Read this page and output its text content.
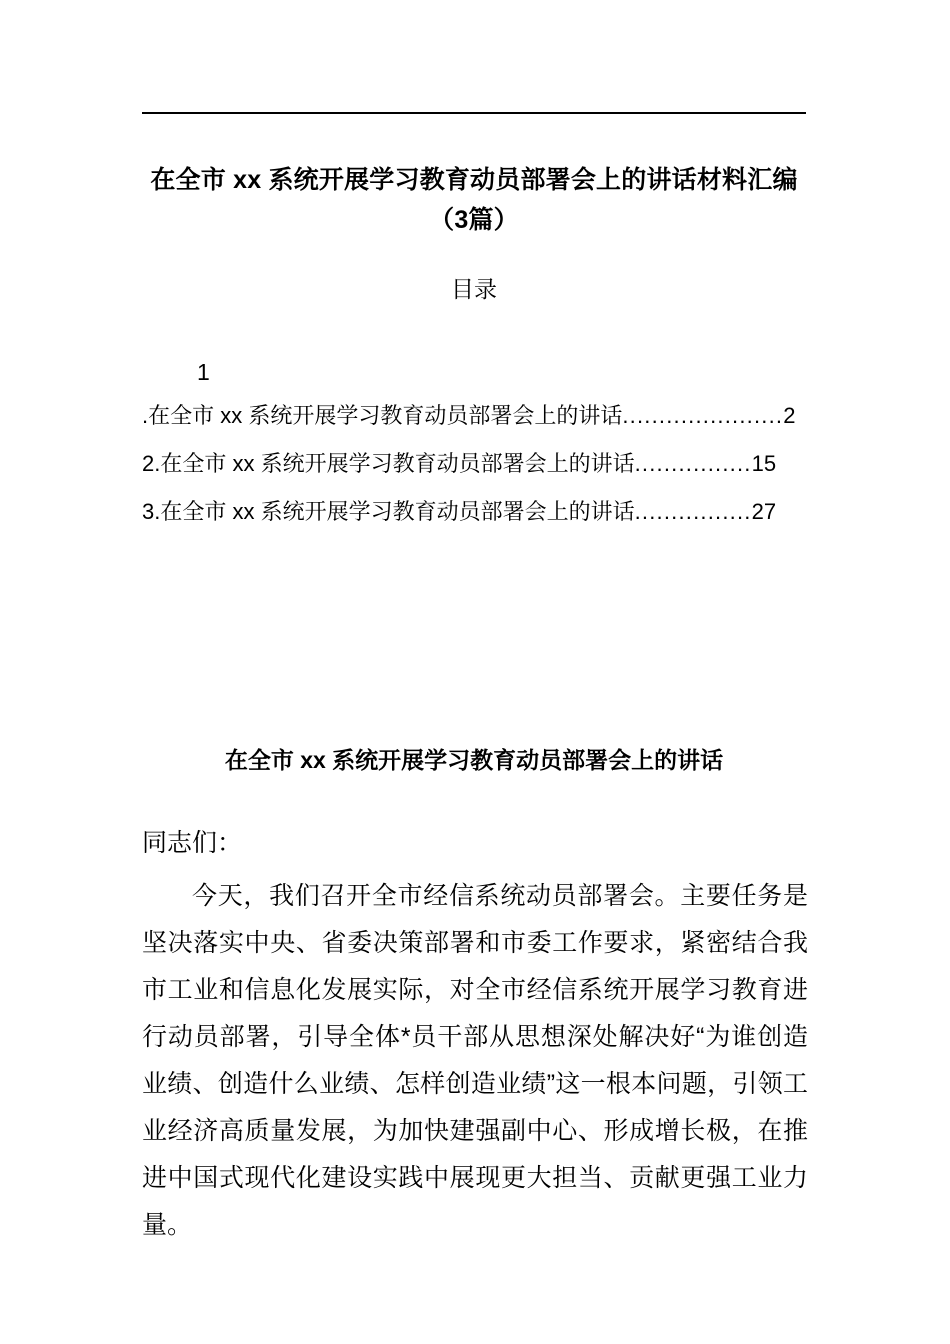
在全市 xx 系统开展学习教育动员部署会上的讲话材料汇编（3篇）
目录
1
.在全市 xx 系统开展学习教育动员部署会上的讲话......................2
2.在全市 xx 系统开展学习教育动员部署会上的讲话................15
3.在全市 xx 系统开展学习教育动员部署会上的讲话................27
在全市 xx 系统开展学习教育动员部署会上的讲话
同志们：
今天，我们召开全市经信系统动员部署会。主要任务是坚决落实中央、省委决策部署和市委工作要求，紧密结合我市工业和信息化发展实际，对全市经信系统开展学习教育进行动员部署，引导全体*员干部从思想深处解决好“为谁创造业绩、创造什么业绩、怎样创造业绩”这一根本问题，引领工业经济高质量发展，为加快建强副中心、形成增长极，在推进中国式现代化建设实践中展现更大担当、贡献更强工业力量。
